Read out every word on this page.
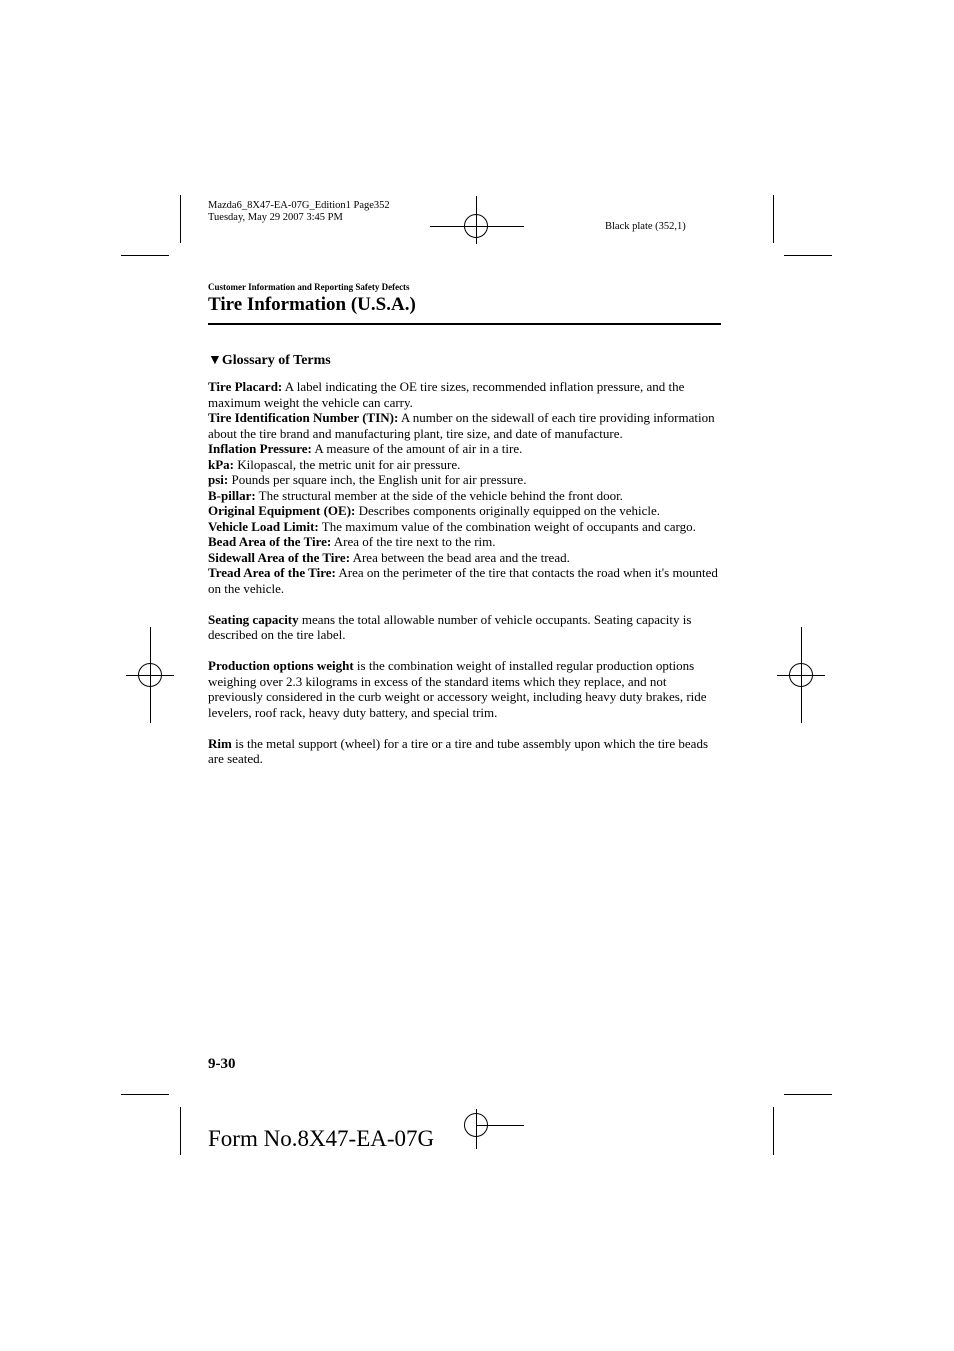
Mazda6_8X47-EA-07G_Edition1 Page352
Tuesday, May 29 2007 3:45 PM
Black plate (352,1)
Customer Information and Reporting Safety Defects
Tire Information (U.S.A.)
▼Glossary of Terms

Tire Placard: A label indicating the OE tire sizes, recommended inflation pressure, and the maximum weight the vehicle can carry.

Tire Identification Number (TIN): A number on the sidewall of each tire providing information about the tire brand and manufacturing plant, tire size, and date of manufacture.

Inflation Pressure: A measure of the amount of air in a tire.

kPa: Kilopascal, the metric unit for air pressure.

psi: Pounds per square inch, the English unit for air pressure.

B-pillar: The structural member at the side of the vehicle behind the front door.

Original Equipment (OE): Describes components originally equipped on the vehicle.

Vehicle Load Limit: The maximum value of the combination weight of occupants and cargo.

Bead Area of the Tire: Area of the tire next to the rim.

Sidewall Area of the Tire: Area between the bead area and the tread.

Tread Area of the Tire: Area on the perimeter of the tire that contacts the road when it's mounted on the vehicle.

Seating capacity means the total allowable number of vehicle occupants. Seating capacity is described on the tire label.

Production options weight is the combination weight of installed regular production options weighing over 2.3 kilograms in excess of the standard items which they replace, and not previously considered in the curb weight or accessory weight, including heavy duty brakes, ride levelers, roof rack, heavy duty battery, and special trim.

Rim is the metal support (wheel) for a tire or a tire and tube assembly upon which the tire beads are seated.

9-30
Form No.8X47-EA-07G
